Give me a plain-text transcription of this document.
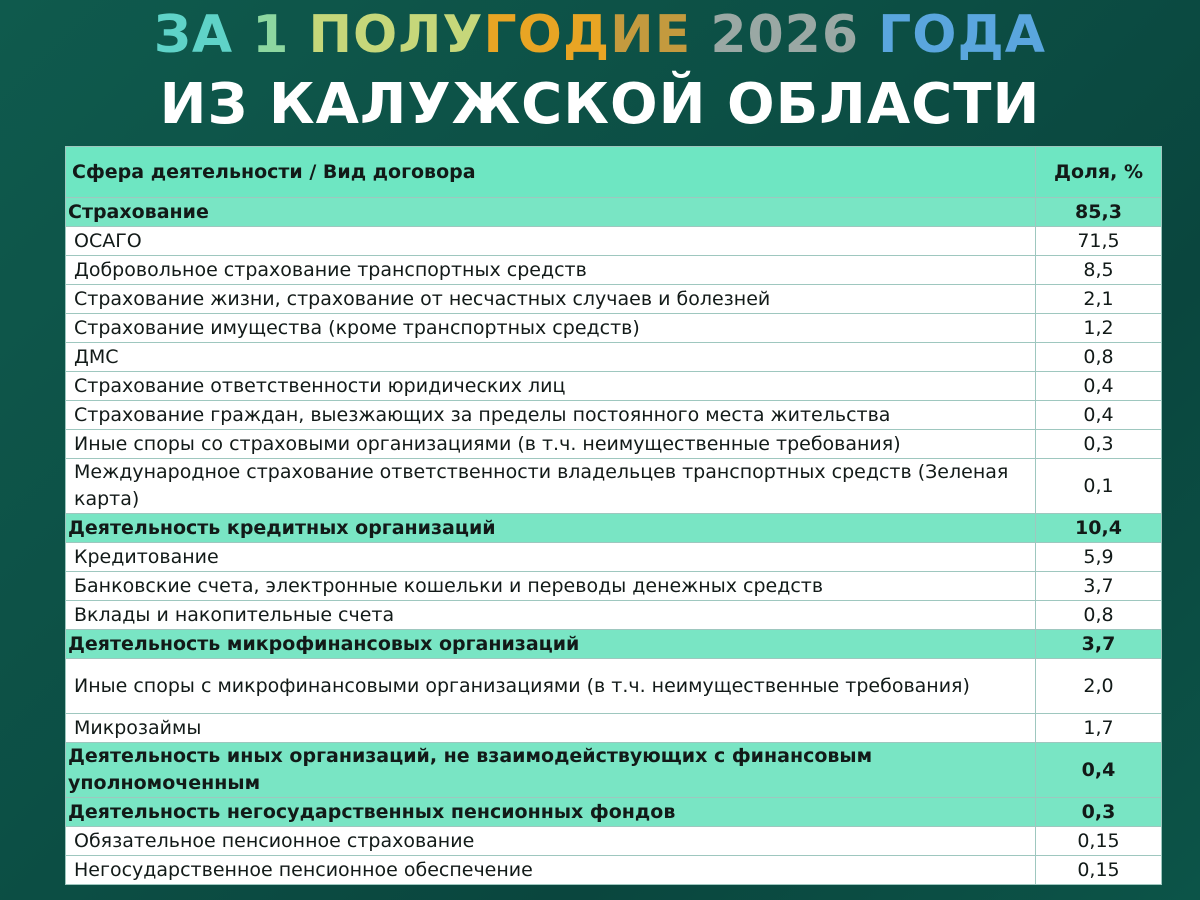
ЗА 1 ПОЛУГОДИЕ 2026 ГОДА
ИЗ КАЛУЖСКОЙ ОБЛАСТИ
Сфера деятельности / Вид договора	Доля, %
Страхование	85,3
ОСАГО	71,5
Добровольное страхование транспортных средств	8,5
Страхование жизни, страхование от несчастных случаев и болезней	2,1
Страхование имущества (кроме транспортных средств)	1,2
ДМС	0,8
Страхование ответственности юридических лиц	0,4
Страхование граждан, выезжающих за пределы постоянного места жительства	0,4
Иные споры со страховыми организациями (в т.ч. неимущественные требования)	0,3
Международное страхование ответственности владельцев транспортных средств (Зеленая карта)	0,1
Деятельность кредитных организаций	10,4
Кредитование	5,9
Банковские счета, электронные кошельки и переводы денежных средств	3,7
Вклады и накопительные счета	0,8
Деятельность микрофинансовых организаций	3,7
Иные споры с микрофинансовыми организациями (в т.ч. неимущественные требования)	2,0
Микрозаймы	1,7
Деятельность иных организаций, не взаимодействующих с финансовым уполномоченным	0,4
Деятельность негосударственных пенсионных фондов	0,3
Обязательное пенсионное страхование	0,15
Негосударственное пенсионное обеспечение	0,15
